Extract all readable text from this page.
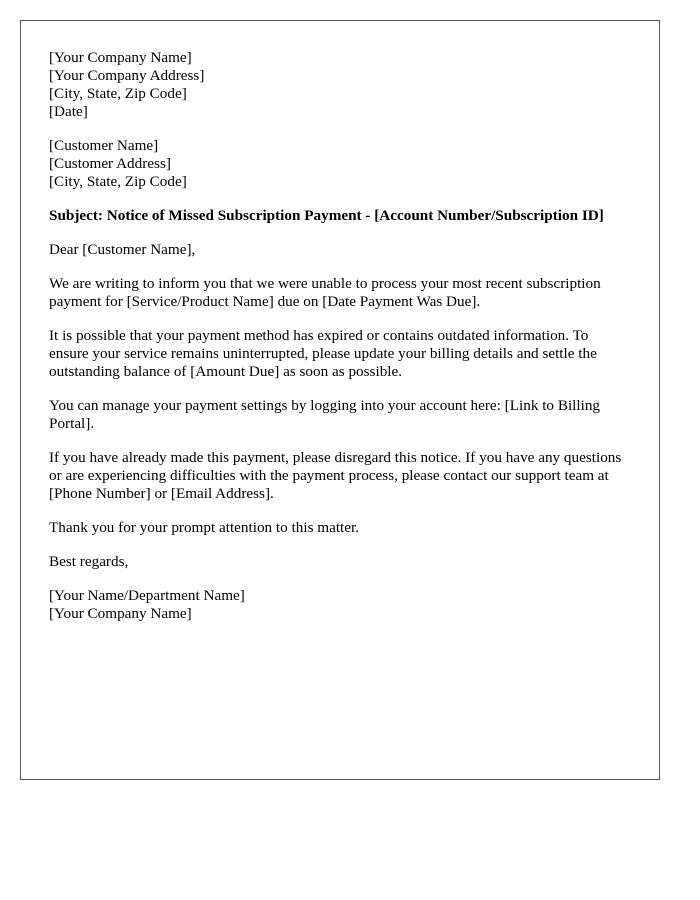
[Your Company Name]
[Your Company Address]
[City, State, Zip Code]
[Date]
[Customer Name]
[Customer Address]
[City, State, Zip Code]

Subject: Notice of Missed Subscription Payment - [Account Number/Subscription ID]

Dear [Customer Name],

We are writing to inform you that we were unable to process your most recent subscription payment for [Service/Product Name] due on [Date Payment Was Due].

It is possible that your payment method has expired or contains outdated information. To ensure your service remains uninterrupted, please update your billing details and settle the outstanding balance of [Amount Due] as soon as possible.

You can manage your payment settings by logging into your account here: [Link to Billing Portal].

If you have already made this payment, please disregard this notice. If you have any questions or are experiencing difficulties with the payment process, please contact our support team at [Phone Number] or [Email Address].

Thank you for your prompt attention to this matter.

Best regards,

[Your Name/Department Name]
[Your Company Name]
